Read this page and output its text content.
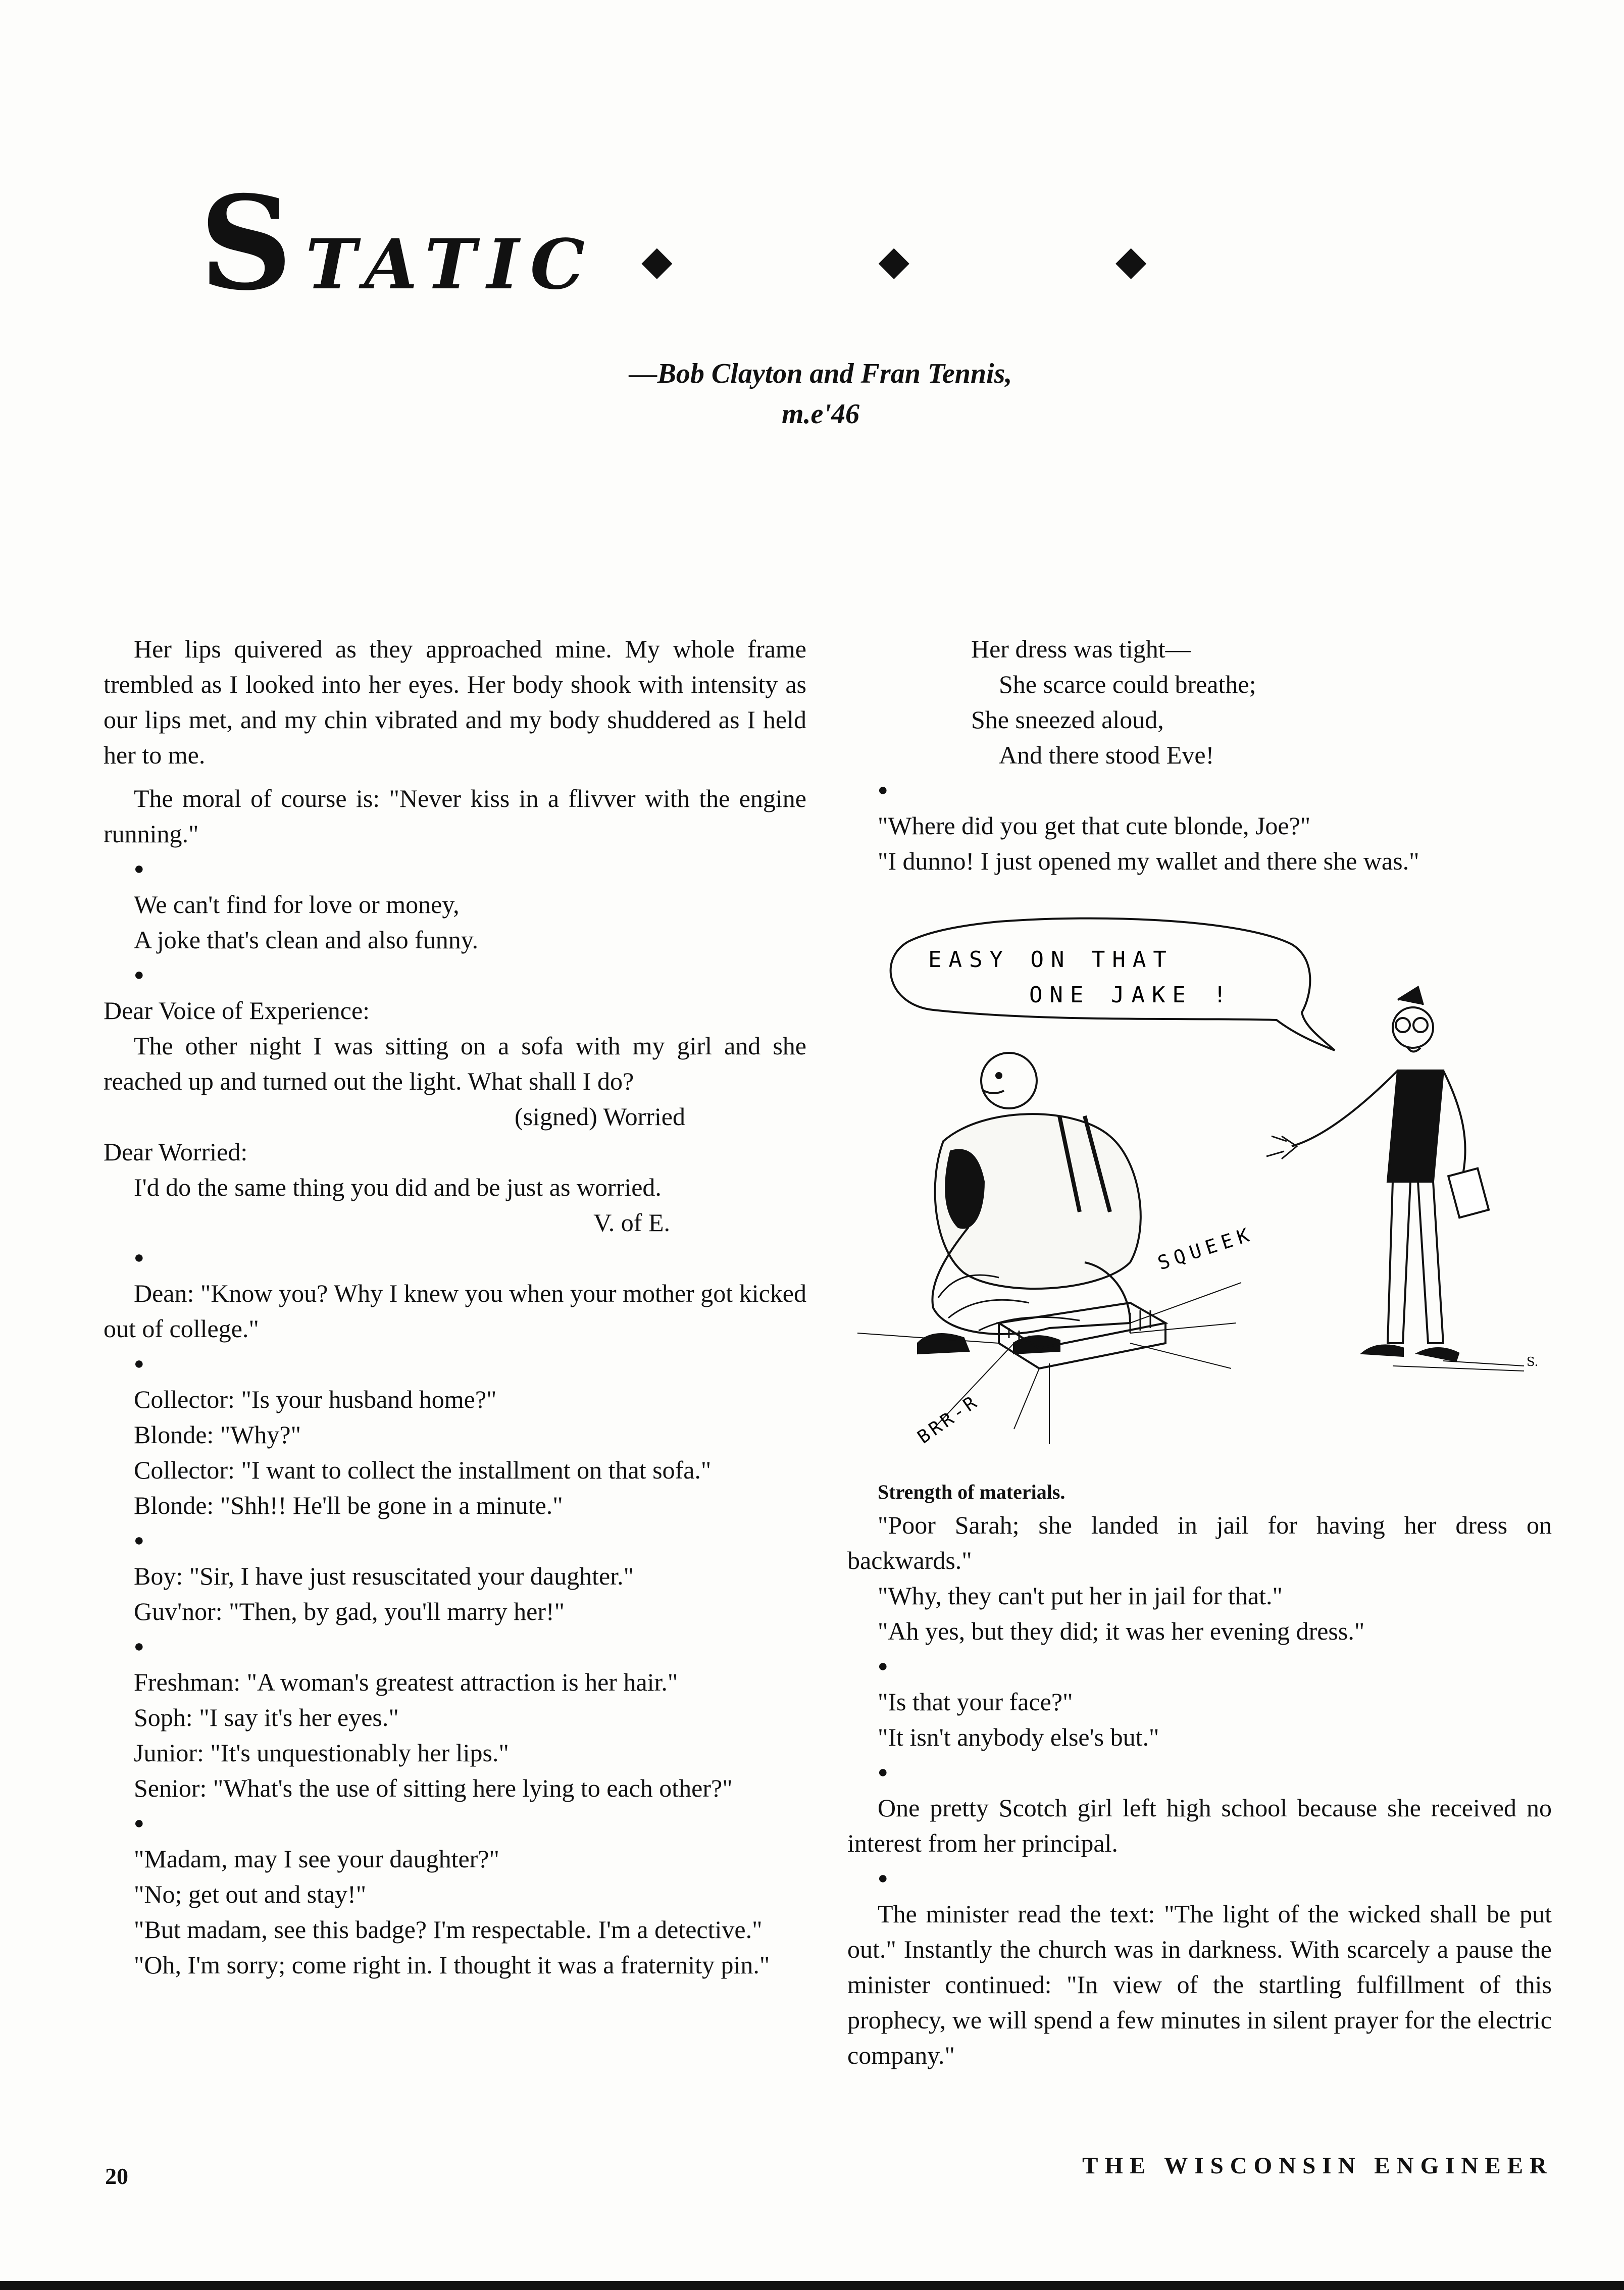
STATIC ◆ ◆ ◆
—Bob Clayton and Fran Tennis,
m.e'46

Her lips quivered as they approached mine. My whole frame trembled as I looked into her eyes. Her body shook with intensity as our lips met, and my chin vibrated and my body shuddered as I held her to me.

The moral of course is: "Never kiss in a flivver with the engine running."

●

We can't find for love or money,

A joke that's clean and also funny.

●

Dear Voice of Experience:

The other night I was sitting on a sofa with my girl and she reached up and turned out the light. What shall I do?

(signed) Worried

Dear Worried:

I'd do the same thing you did and be just as worried.

V. of E.

●

Dean: "Know you? Why I knew you when your mother got kicked out of college."

●

Collector: "Is your husband home?"

Blonde: "Why?"

Collector: "I want to collect the installment on that sofa."

Blonde: "Shh!! He'll be gone in a minute."

●

Boy: "Sir, I have just resuscitated your daughter."

Guv'nor: "Then, by gad, you'll marry her!"

●

Freshman: "A woman's greatest attraction is her hair."

Soph: "I say it's her eyes."

Junior: "It's unquestionably her lips."

Senior: "What's the use of sitting here lying to each other?"

●

"Madam, may I see your daughter?"

"No; get out and stay!"

"But madam, see this badge? I'm respectable. I'm a detective."

"Oh, I'm sorry; come right in. I thought it was a fraternity pin."

Her dress was tight—

She scarce could breathe;

She sneezed aloud,

And there stood Eve!

●

"Where did you get that cute blonde, Joe?"

"I dunno! I just opened my wallet and there she was."

EASY ON THAT
ONE JAKE !
SQUEEK
BRR-R
S.

Strength of materials.

"Poor Sarah; she landed in jail for having her dress on backwards."

"Why, they can't put her in jail for that."

"Ah yes, but they did; it was her evening dress."

●

"Is that your face?"

"It isn't anybody else's but."

●

One pretty Scotch girl left high school because she received no interest from her principal.

●

The minister read the text: "The light of the wicked shall be put out." Instantly the church was in darkness. With scarcely a pause the minister continued: "In view of the startling fulfillment of this prophecy, we will spend a few minutes in silent prayer for the electric company."

20	THE WISCONSIN ENGINEER
